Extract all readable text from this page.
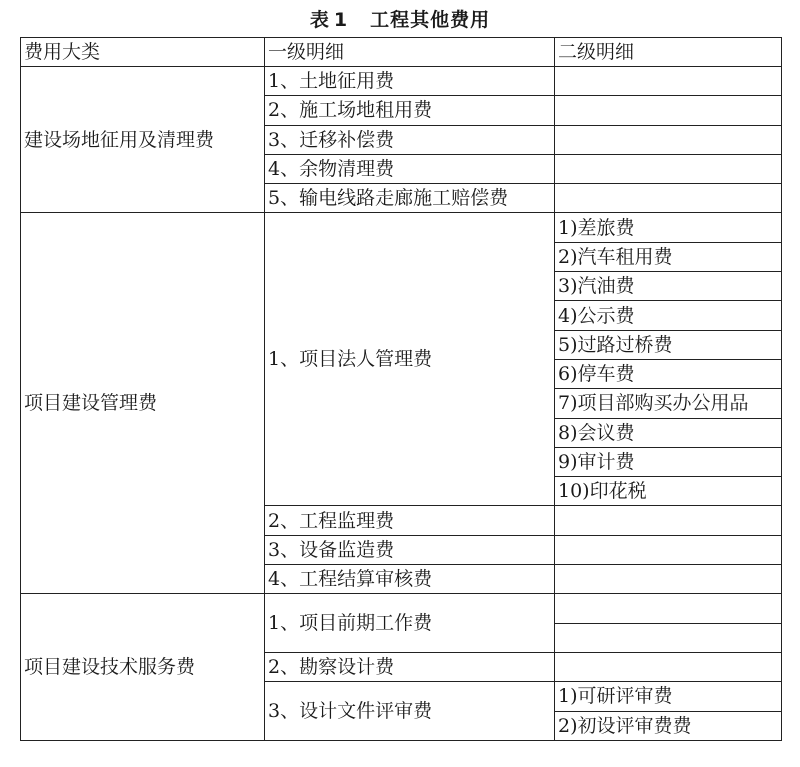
表 1 工程其他费用
费用大类	一级明细	二级明细
建设场地征用及清理费	1、土地征用费	
	2、施工场地租用费	
	3、迁移补偿费	
	4、余物清理费	
	5、输电线路走廊施工赔偿费	
项目建设管理费	1、项目法人管理费	1)差旅费
		2)汽车租用费
		3)汽油费
		4)公示费
		5)过路过桥费
		6)停车费
		7)项目部购买办公用品
		8)会议费
		9)审计费
		10)印花税
	2、工程监理费	
	3、设备监造费	
	4、工程结算审核费	
项目建设技术服务费	1、项目前期工作费	

	2、勘察设计费	
	3、设计文件评审费	1)可研评审费
		2)初设评审费费
